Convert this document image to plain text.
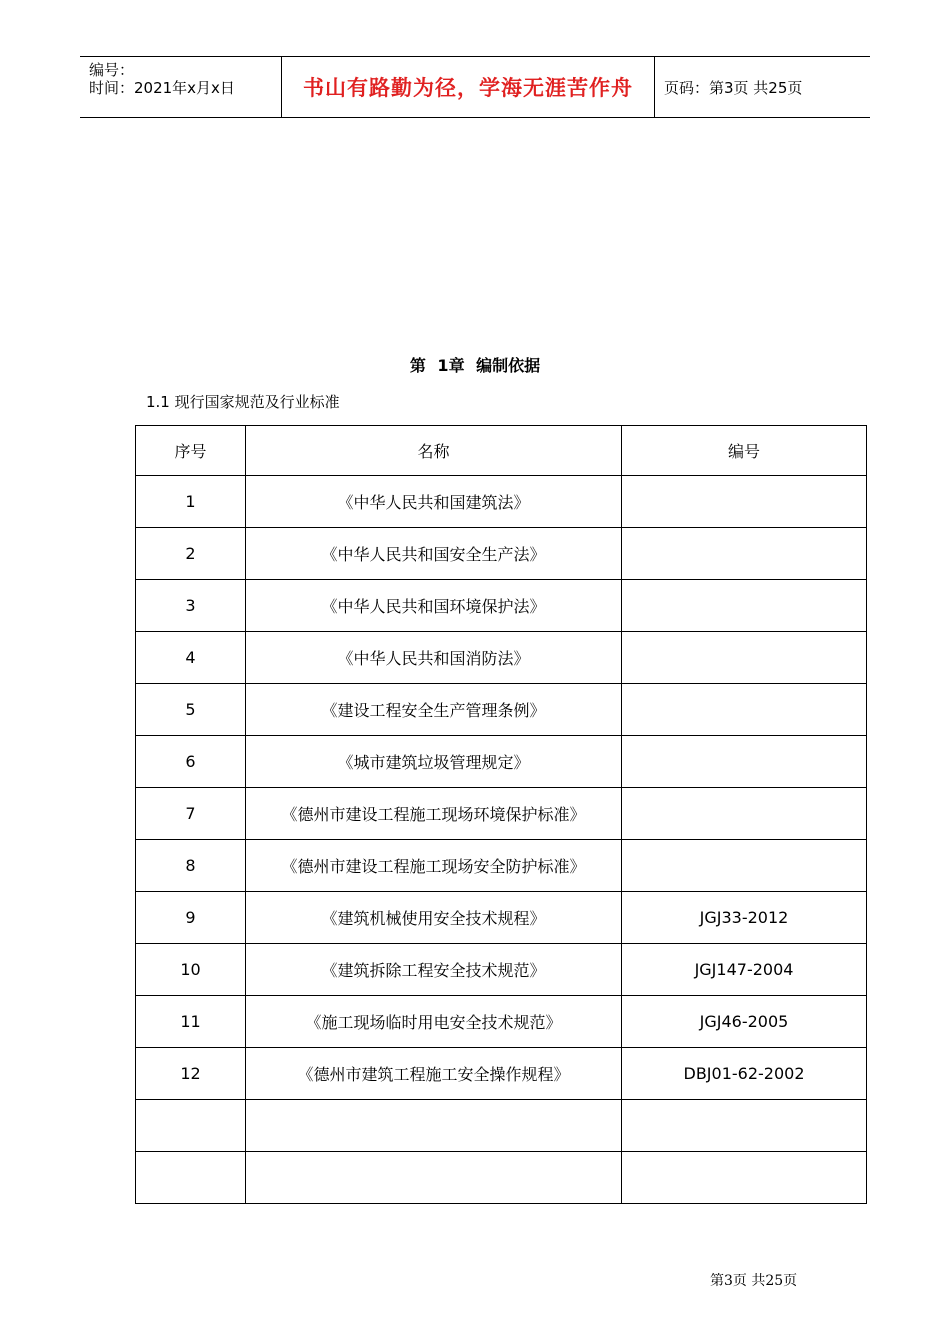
编号：
时间：2021年x月x日	书山有路勤为径，学海无涯苦作舟 页码：第3页 共25页
第 1章 编制依据
1.1 现行国家规范及行业标准
序号	名称	编号
1	《中华人民共和国建筑法》	
2	《中华人民共和国安全生产法》	
3	《中华人民共和国环境保护法》	
4	《中华人民共和国消防法》	
5	《建设工程安全生产管理条例》	
6	《城市建筑垃圾管理规定》	
7	《德州市建设工程施工现场环境保护标准》	
8	《德州市建设工程施工现场安全防护标准》	
9	《建筑机械使用安全技术规程》	JGJ33-2012
10	《建筑拆除工程安全技术规范》	JGJ147-2004
11	《施工现场临时用电安全技术规范》	JGJ46-2005
12	《德州市建筑工程施工安全操作规程》	DBJ01-62-2002

第3页 共25页
